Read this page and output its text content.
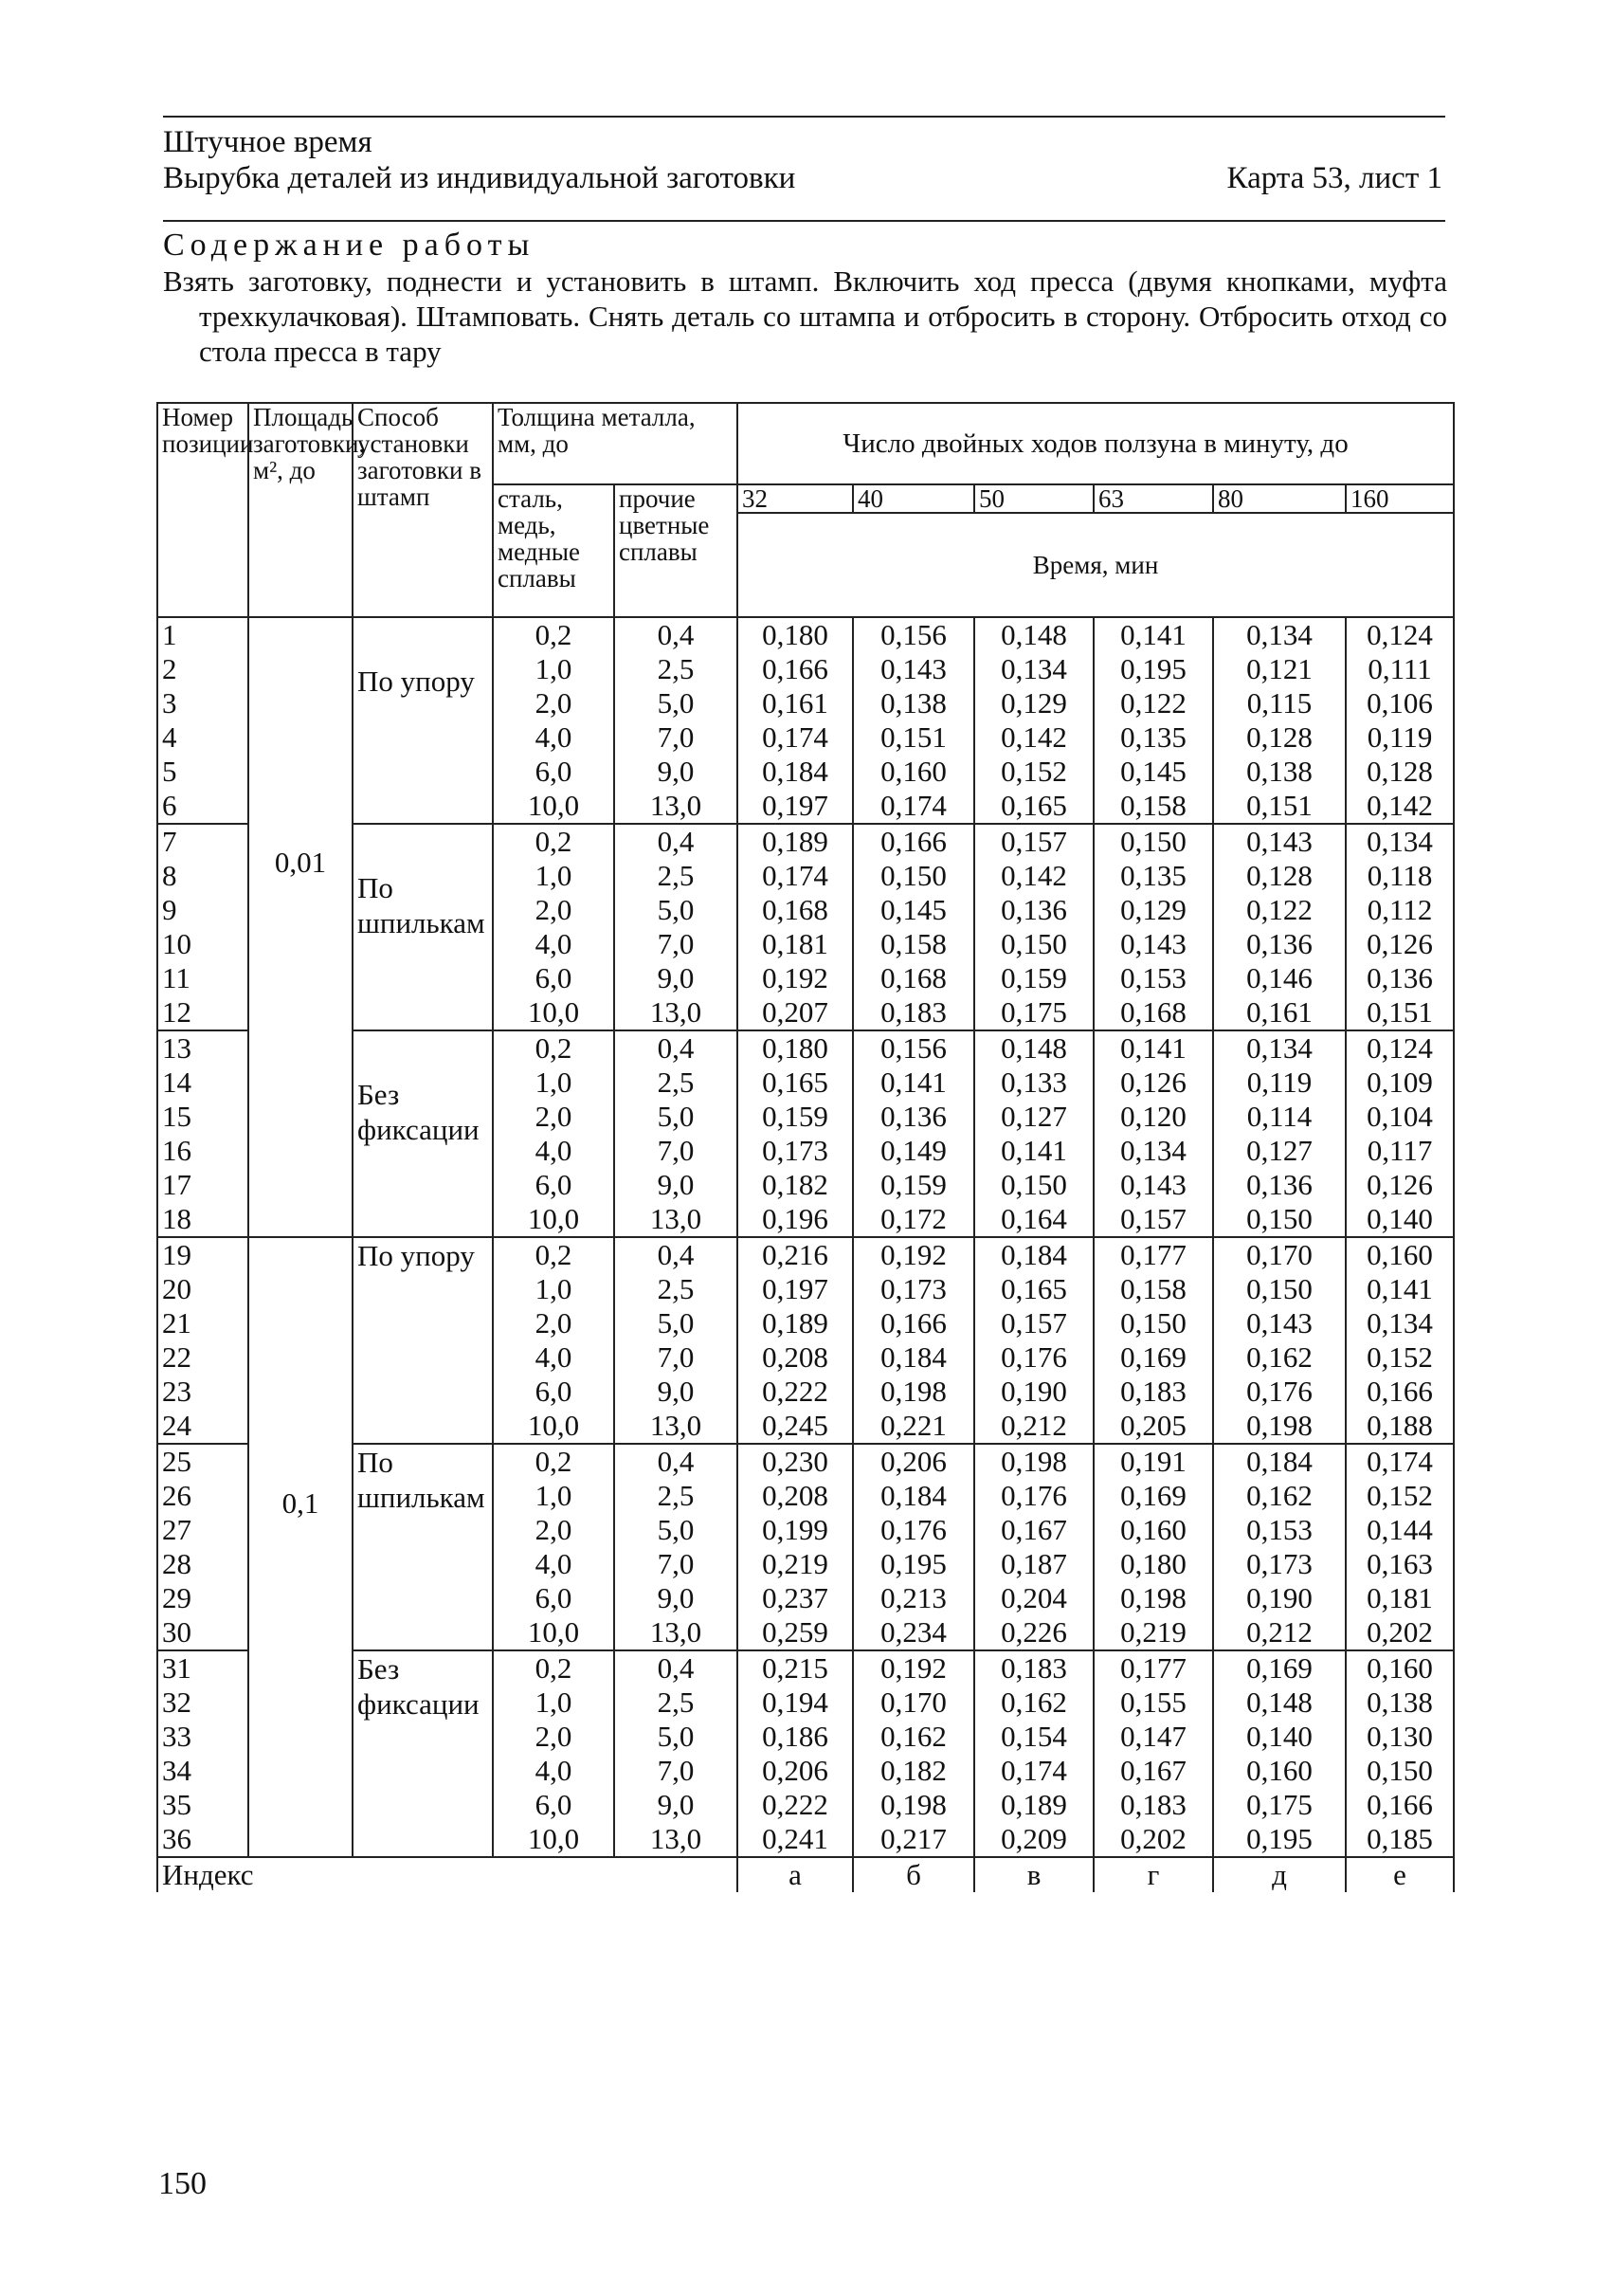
Штучное время
Вырубка деталей из индивидуальной заготовки	Карта 53, лист 1
Содержание работы
Взять заготовку, поднести и установить в штамп. Включить ход пресса (двумя кнопками, муфта трехкулачковая). Штамповать. Снять деталь со штампа и отбросить в сторону. Отбросить отход со стола пресса в тару
Номер позиции	Площадь заготовки, м², до	Способ установки заготовки в штамп	Толщина металла, мм, до		Число двойных ходов ползуна в минуту, до					
			сталь, медь, медные сплавы	прочие цветные сплавы	32	40	50	63	80	160
					Время, мин					
1	0,01	По упору	0,2	0,4	0,180	0,156	0,148	0,141	0,134	0,124
2			1,0	2,5	0,166	0,143	0,134	0,195	0,121	0,111
3			2,0	5,0	0,161	0,138	0,129	0,122	0,115	0,106
4			4,0	7,0	0,174	0,151	0,142	0,135	0,128	0,119
5			6,0	9,0	0,184	0,160	0,152	0,145	0,138	0,128
6			10,0	13,0	0,197	0,174	0,165	0,158	0,151	0,142
7		По шпилькам	0,2	0,4	0,189	0,166	0,157	0,150	0,143	0,134
8			1,0	2,5	0,174	0,150	0,142	0,135	0,128	0,118
9			2,0	5,0	0,168	0,145	0,136	0,129	0,122	0,112
10			4,0	7,0	0,181	0,158	0,150	0,143	0,136	0,126
11			6,0	9,0	0,192	0,168	0,159	0,153	0,146	0,136
12			10,0	13,0	0,207	0,183	0,175	0,168	0,161	0,151
13		Без фиксации	0,2	0,4	0,180	0,156	0,148	0,141	0,134	0,124
14			1,0	2,5	0,165	0,141	0,133	0,126	0,119	0,109
15			2,0	5,0	0,159	0,136	0,127	0,120	0,114	0,104
16			4,0	7,0	0,173	0,149	0,141	0,134	0,127	0,117
17			6,0	9,0	0,182	0,159	0,150	0,143	0,136	0,126
18			10,0	13,0	0,196	0,172	0,164	0,157	0,150	0,140
19	0,1	По упору	0,2	0,4	0,216	0,192	0,184	0,177	0,170	0,160
20			1,0	2,5	0,197	0,173	0,165	0,158	0,150	0,141
21			2,0	5,0	0,189	0,166	0,157	0,150	0,143	0,134
22			4,0	7,0	0,208	0,184	0,176	0,169	0,162	0,152
23			6,0	9,0	0,222	0,198	0,190	0,183	0,176	0,166
24			10,0	13,0	0,245	0,221	0,212	0,205	0,198	0,188
25		По шпилькам	0,2	0,4	0,230	0,206	0,198	0,191	0,184	0,174
26			1,0	2,5	0,208	0,184	0,176	0,169	0,162	0,152
27			2,0	5,0	0,199	0,176	0,167	0,160	0,153	0,144
28			4,0	7,0	0,219	0,195	0,187	0,180	0,173	0,163
29			6,0	9,0	0,237	0,213	0,204	0,198	0,190	0,181
30			10,0	13,0	0,259	0,234	0,226	0,219	0,212	0,202
31		Без фиксации	0,2	0,4	0,215	0,192	0,183	0,177	0,169	0,160
32			1,0	2,5	0,194	0,170	0,162	0,155	0,148	0,138
33			2,0	5,0	0,186	0,162	0,154	0,147	0,140	0,130
34			4,0	7,0	0,206	0,182	0,174	0,167	0,160	0,150
35			6,0	9,0	0,222	0,198	0,189	0,183	0,175	0,166
36			10,0	13,0	0,241	0,217	0,209	0,202	0,195	0,185
Индекс					а	б	в	г	д	е
150
